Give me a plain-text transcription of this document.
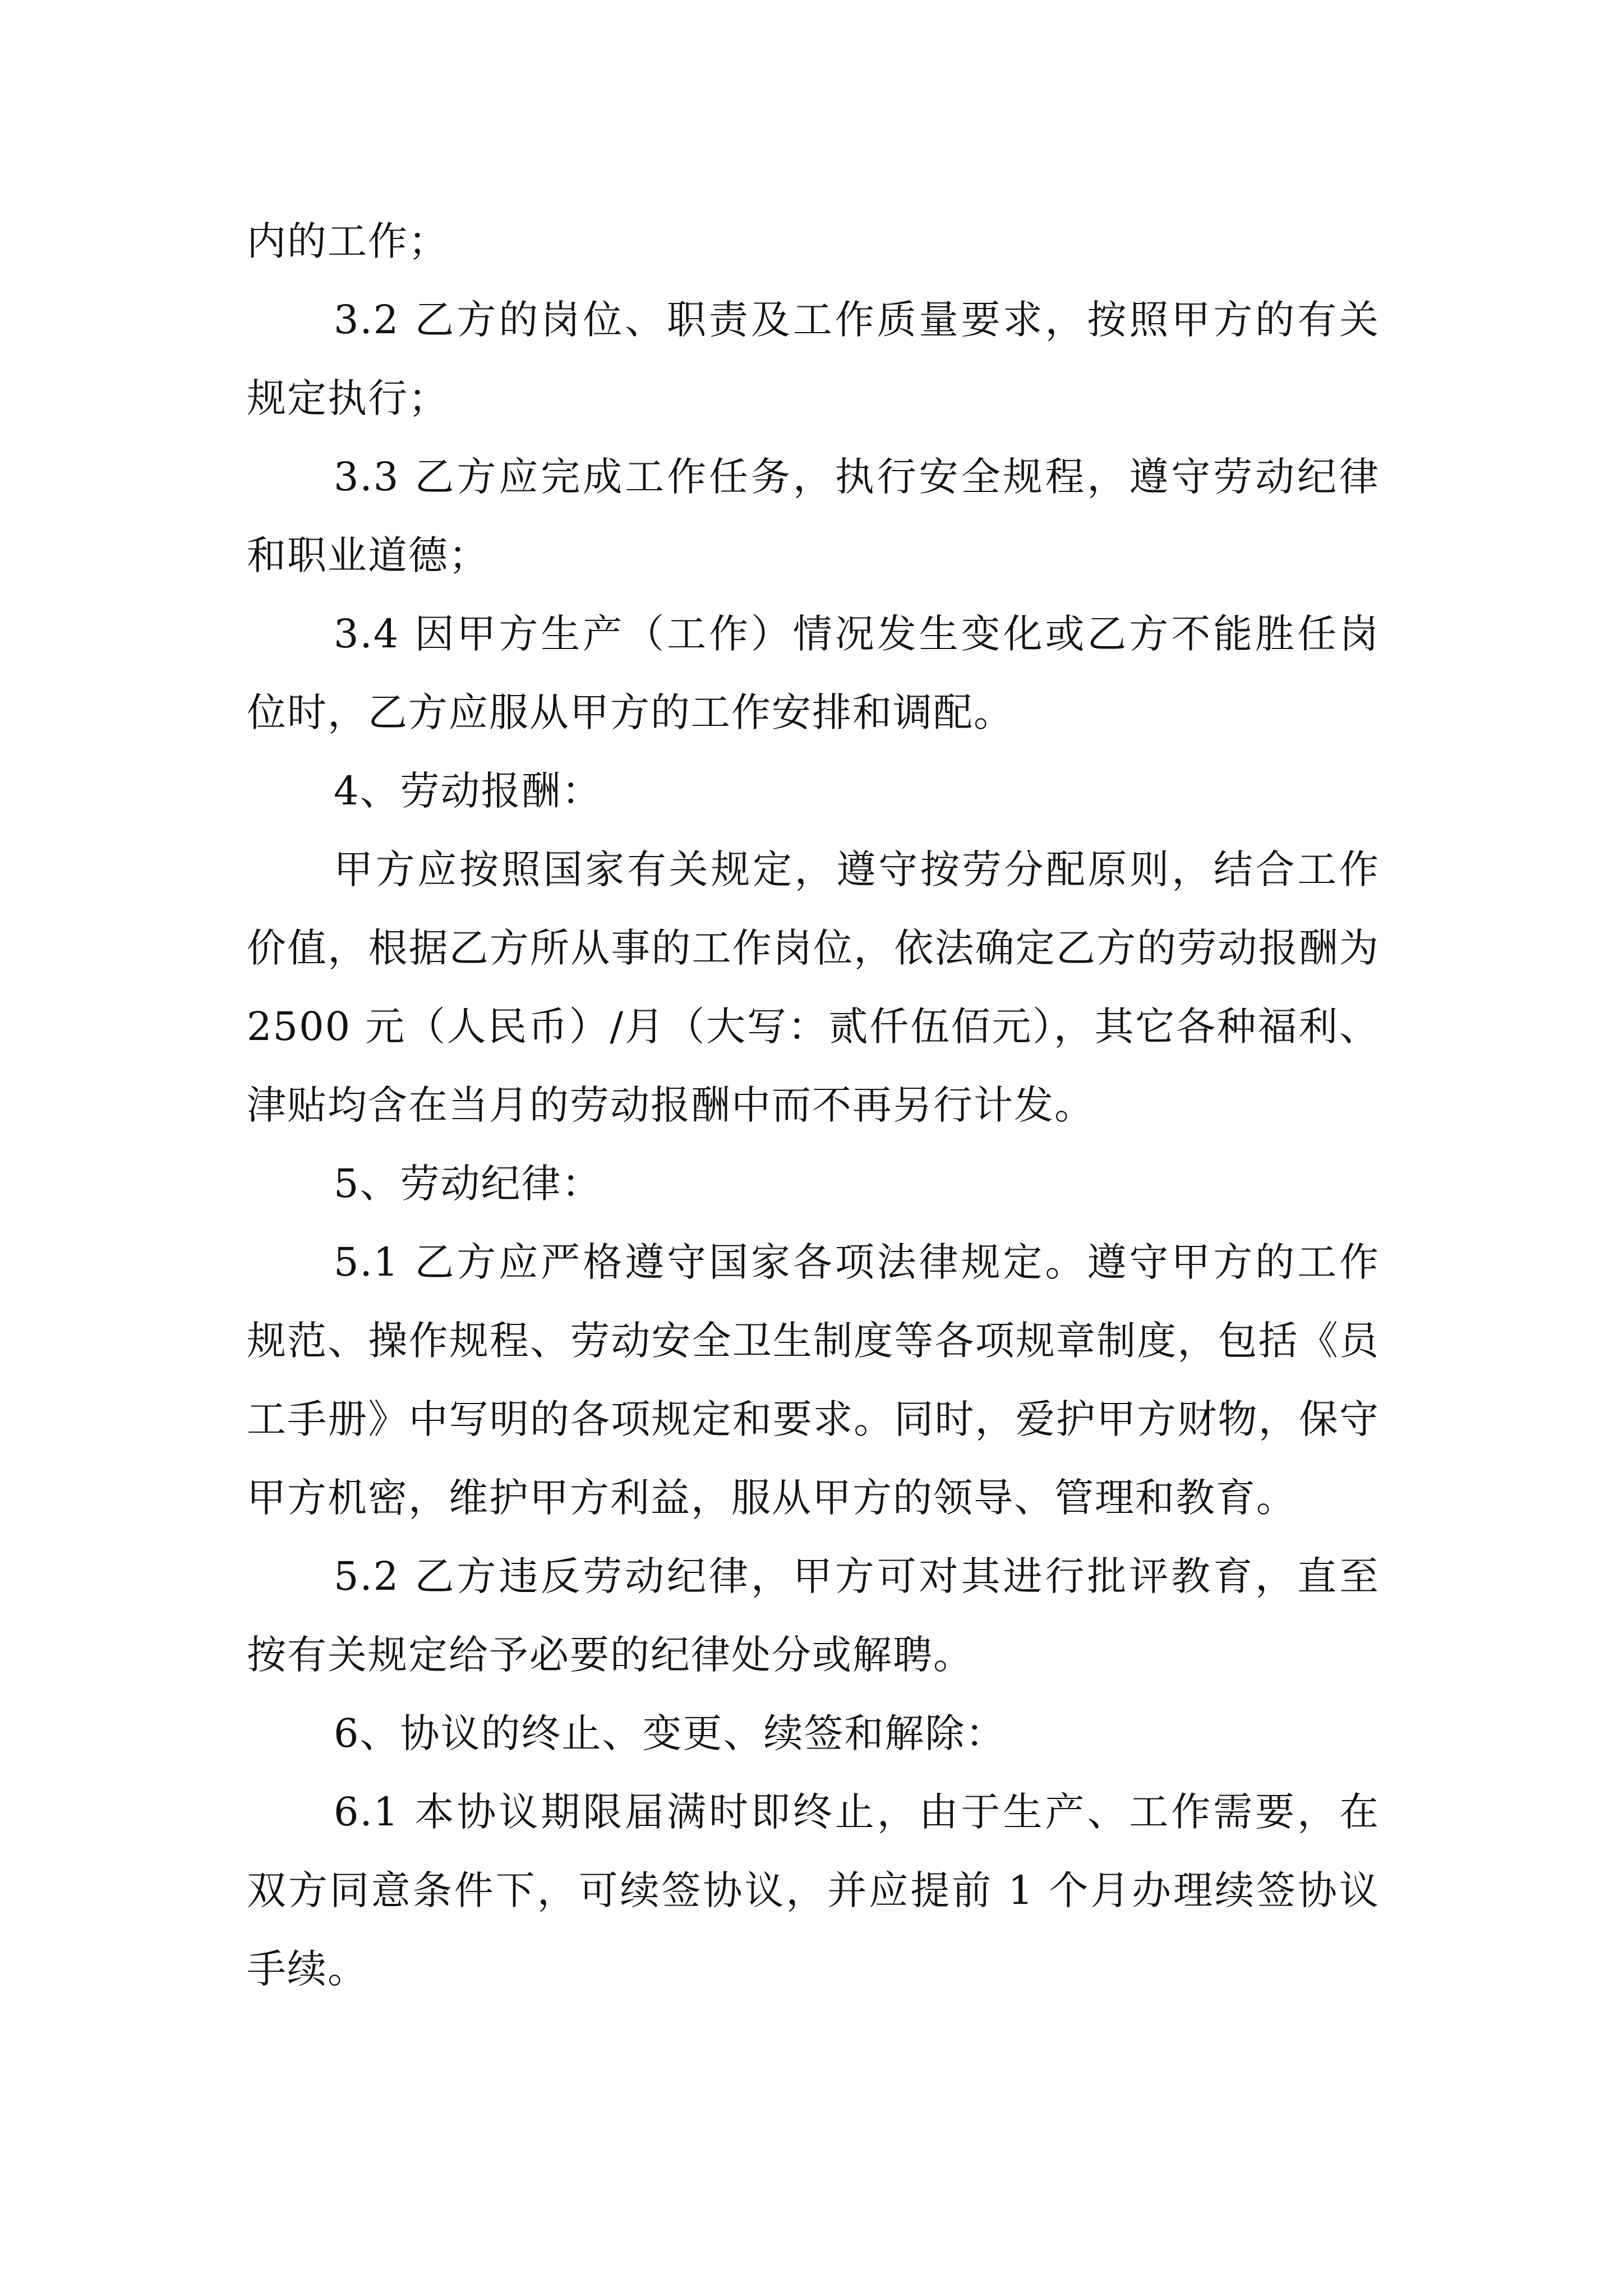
内的工作；

3.2 乙方的岗位、职责及工作质量要求，按照甲方的有关规定执行；

3.3 乙方应完成工作任务，执行安全规程，遵守劳动纪律和职业道德；

3.4 因甲方生产（工作）情况发生变化或乙方不能胜任岗位时，乙方应服从甲方的工作安排和调配。

4、劳动报酬：

甲方应按照国家有关规定，遵守按劳分配原则，结合工作价值，根据乙方所从事的工作岗位，依法确定乙方的劳动报酬为 2500 元（人民币）/月（大写：贰仟伍佰元），其它各种福利、津贴均含在当月的劳动报酬中而不再另行计发。

5、劳动纪律：

5.1 乙方应严格遵守国家各项法律规定。遵守甲方的工作规范、操作规程、劳动安全卫生制度等各项规章制度，包括《员工手册》中写明的各项规定和要求。同时，爱护甲方财物，保守甲方机密，维护甲方利益，服从甲方的领导、管理和教育。

5.2 乙方违反劳动纪律，甲方可对其进行批评教育，直至按有关规定给予必要的纪律处分或解聘。

6、协议的终止、变更、续签和解除：

6.1 本协议期限届满时即终止，由于生产、工作需要，在双方同意条件下，可续签协议，并应提前 1 个月办理续签协议手续。
